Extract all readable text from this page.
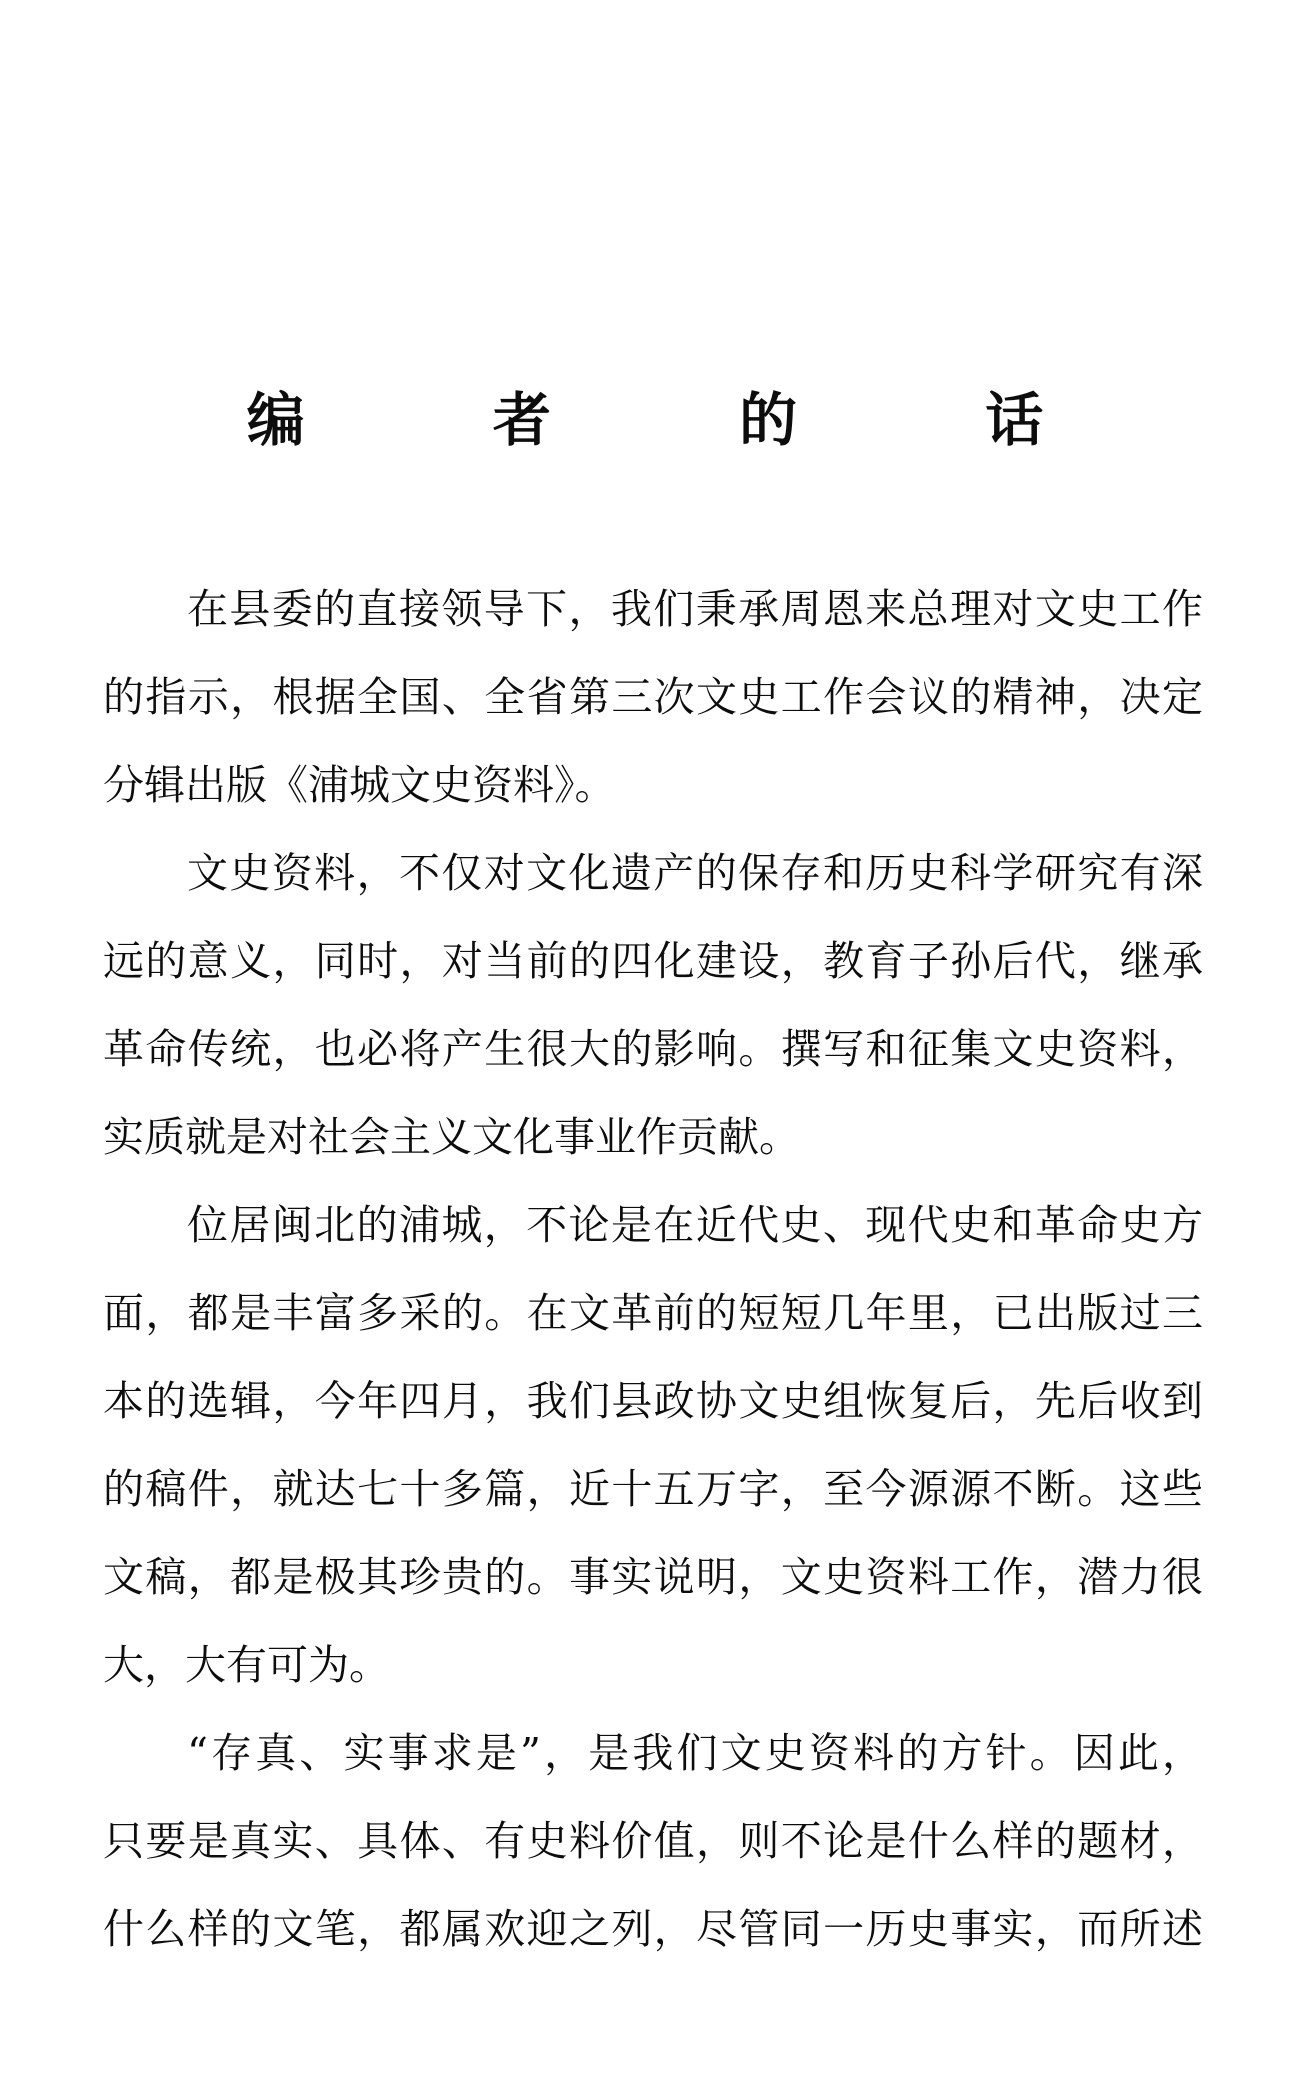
编 者 的 话
在县委的直接领导下，我们秉承周恩来总理对文史工作
的指示，根据全国、全省第三次文史工作会议的精神，决定
分辑出版《浦城文史资料》。
文史资料，不仅对文化遗产的保存和历史科学研究有深
远的意义，同时，对当前的四化建设，教育子孙后代，继承
革命传统，也必将产生很大的影响。撰写和征集文史资料，
实质就是对社会主义文化事业作贡献。
位居闽北的浦城，不论是在近代史、现代史和革命史方
面，都是丰富多采的。在文革前的短短几年里，已出版过三
本的选辑，今年四月，我们县政协文史组恢复后，先后收到
的稿件，就达七十多篇，近十五万字，至今源源不断。这些
文稿，都是极其珍贵的。事实说明，文史资料工作，潜力很
大，大有可为。
“存真、实事求是”，是我们文史资料的方针。因此，
只要是真实、具体、有史料价值，则不论是什么样的题材，
什么样的文笔，都属欢迎之列，尽管同一历史事实，而所述
